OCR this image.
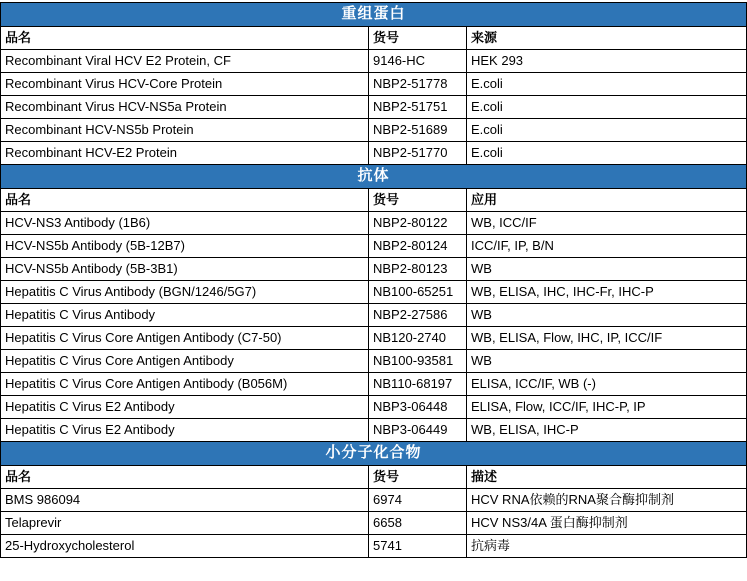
重组蛋白		
品名	货号	来源
Recombinant Viral HCV E2 Protein, CF	9146-HC	HEK 293
Recombinant Virus HCV-Core Protein	NBP2-51778	E.coli
Recombinant Virus HCV-NS5a Protein	NBP2-51751	E.coli
Recombinant HCV-NS5b Protein	NBP2-51689	E.coli
Recombinant HCV-E2 Protein	NBP2-51770	E.coli
抗体		
品名	货号	应用
HCV-NS3 Antibody (1B6)	NBP2-80122	WB, ICC/IF
HCV-NS5b Antibody (5B-12B7)	NBP2-80124	ICC/IF, IP, B/N
HCV-NS5b Antibody (5B-3B1)	NBP2-80123	WB
Hepatitis C Virus Antibody (BGN/1246/5G7)	NB100-65251	WB, ELISA, IHC, IHC-Fr, IHC-P
Hepatitis C Virus Antibody	NBP2-27586	WB
Hepatitis C Virus Core Antigen Antibody (C7-50)	NB120-2740	WB, ELISA, Flow, IHC, IP, ICC/IF
Hepatitis C Virus Core Antigen Antibody	NB100-93581	WB
Hepatitis C Virus Core Antigen Antibody (B056M)	NB110-68197	ELISA, ICC/IF, WB (-)
Hepatitis C Virus E2 Antibody	NBP3-06448	ELISA, Flow, ICC/IF, IHC-P, IP
Hepatitis C Virus E2 Antibody	NBP3-06449	WB, ELISA, IHC-P
小分子化合物		
品名	货号	描述
BMS 986094	6974	HCV RNA依赖的RNA聚合酶抑制剂
Telaprevir	6658	HCV NS3/4A 蛋白酶抑制剂
25-Hydroxycholesterol	5741	抗病毒
